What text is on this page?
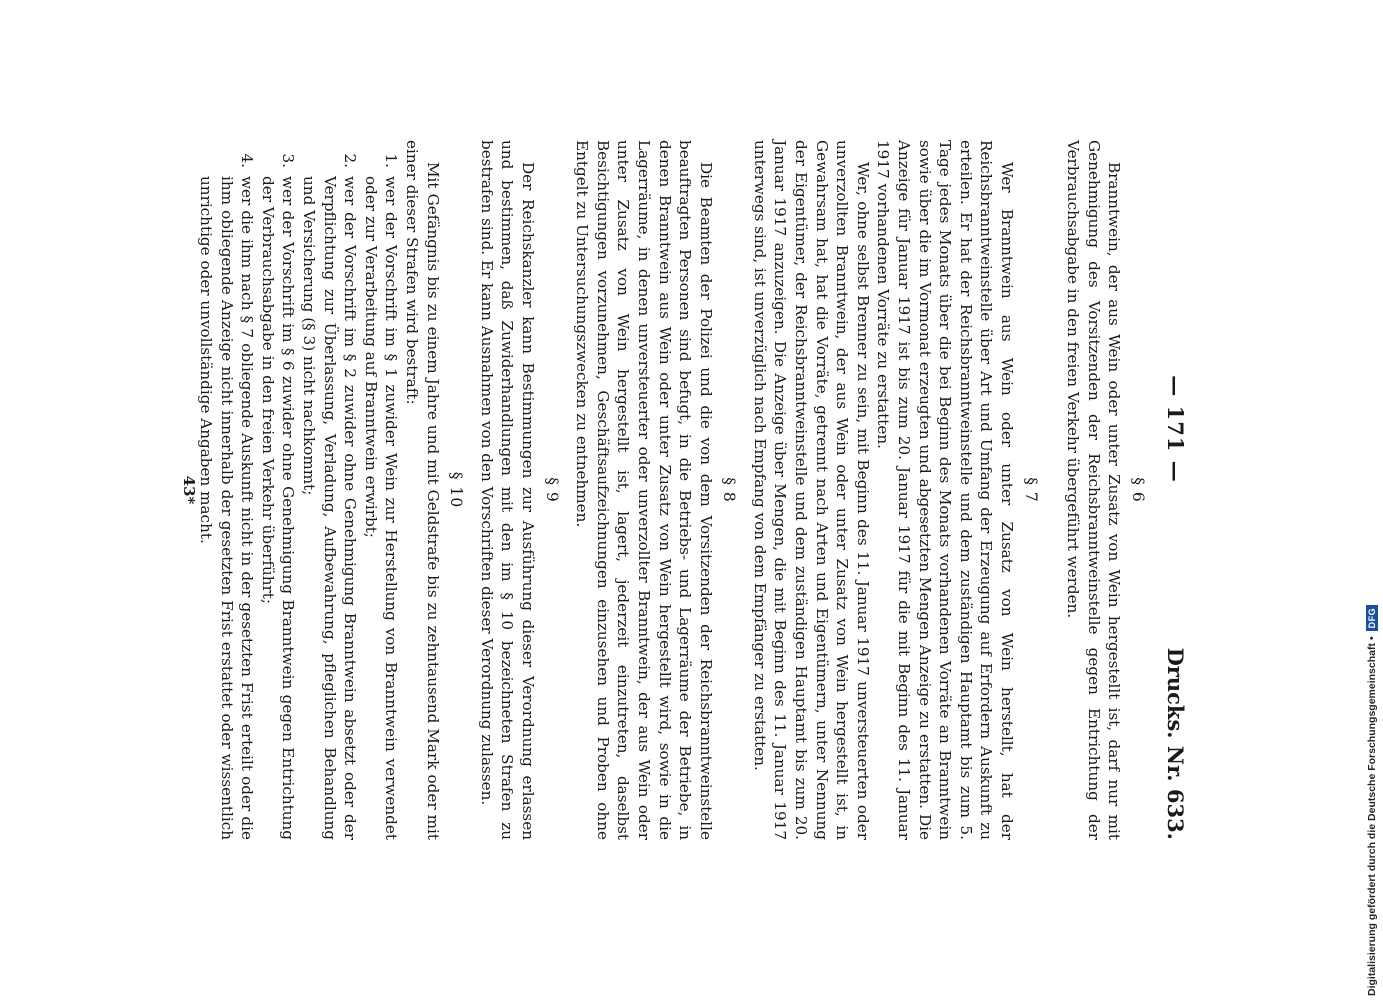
— 171 —
Drucks. Nr. 633.
§ 6

Branntwein, der aus Wein oder unter Zusatz von Wein hergestellt ist, darf nur mit Genehmigung des Vorsitzenden der Reichsbranntweinstelle gegen Entrichtung der Verbrauchsabgabe in den freien Verkehr übergeführt werden.

§ 7

Wer Branntwein aus Wein oder unter Zusatz von Wein herstellt, hat der Reichsbranntweinstelle über Art und Umfang der Erzeugung auf Erfordern Auskunft zu erteilen. Er hat der Reichsbranntweinstelle und dem zuständigen Hauptamt bis zum 5. Tage jedes Monats über die bei Beginn des Monats vorhandenen Vorräte an Branntwein sowie über die im Vormonat erzeugten und abgesetzten Mengen Anzeige zu erstatten. Die Anzeige für Januar 1917 ist bis zum 20. Januar 1917 für die mit Beginn des 11. Januar 1917 vorhandenen Vorräte zu erstatten.

Wer, ohne selbst Brenner zu sein, mit Beginn des 11. Januar 1917 unversteuerten oder unverzollten Branntwein, der aus Wein oder unter Zusatz von Wein hergestellt ist, in Gewahrsam hat, hat die Vorräte, getrennt nach Arten und Eigentümern, unter Nennung der Eigentümer, der Reichsbranntweinstelle und dem zuständigen Hauptamt bis zum 20. Januar 1917 anzuzeigen. Die Anzeige über Mengen, die mit Beginn des 11. Januar 1917 unterwegs sind, ist unverzüglich nach Empfang von dem Empfänger zu erstatten.

§ 8

Die Beamten der Polizei und die von dem Vorsitzenden der Reichsbranntweinstelle beauftragten Personen sind befugt, in die Betriebs- und Lagerräume der Betriebe, in denen Branntwein aus Wein oder unter Zusatz von Wein hergestellt wird, sowie in die Lagerräume, in denen unversteuerter oder unverzollter Branntwein, der aus Wein oder unter Zusatz von Wein hergestellt ist, lagert, jederzeit einzutreten, daselbst Besichtigungen vorzunehmen, Geschäftsaufzeichnungen einzusehen und Proben ohne Entgelt zu Untersuchungszwecken zu entnehmen.

§ 9

Der Reichskanzler kann Bestimmungen zur Ausführung dieser Verordnung erlassen und bestimmen, daß Zuwiderhandlungen mit den im § 10 bezeichneten Strafen zu bestrafen sind. Er kann Ausnahmen von den Vorschriften dieser Verordnung zulassen.

§ 10

Mit Gefängnis bis zu einem Jahre und mit Geldstrafe bis zu zehntausend Mark oder mit einer dieser Strafen wird bestraft:

1.
wer der Vorschrift im § 1 zuwider Wein zur Herstellung von Branntwein verwendet oder zur Verarbeitung auf Branntwein erwirbt;
2.
wer der Vorschrift im § 2 zuwider ohne Genehmigung Branntwein absetzt oder der Verpflichtung zur Überlassung, Verladung, Aufbewahrung, pfleglichen Behandlung und Versicherung (§ 3) nicht nachkommt;
3.
wer der Vorschrift im § 6 zuwider ohne Genehmigung Branntwein gegen Entrichtung der Verbrauchsabgabe in den freien Verkehr überführt;
4.
wer die ihm nach § 7 obliegende Auskunft nicht in der gesetzten Frist erteilt oder die ihm obliegende Anzeige nicht innerhalb der gesetzten Frist erstattet oder wissentlich unrichtige oder unvollständige Angaben macht.
43*
Digitalisierung gefördert durch die Deutsche Forschungsgemeinschaft
•
DFG
